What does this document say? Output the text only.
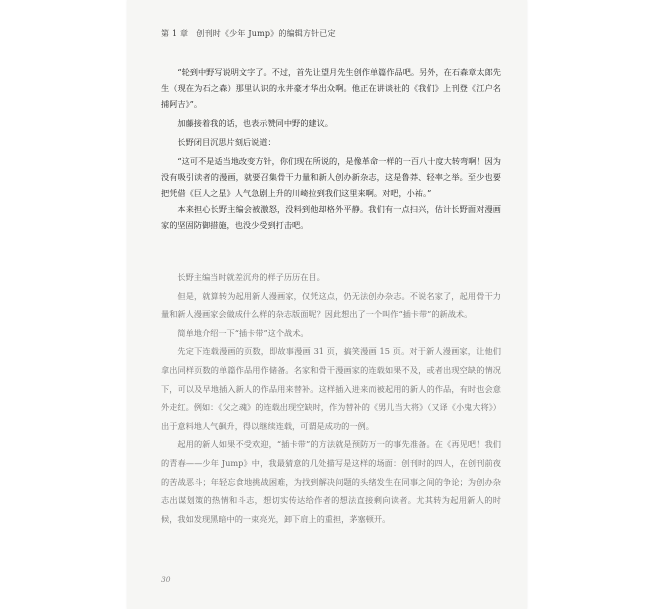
第 1 章　创刊时《少年 Jump》的编辑方针已定

“轮到中野写说明文字了。不过，首先让望月先生创作单篇作品吧。另外，在石森章太郎先生（现在为石之森）那里认识的永井豪才华出众啊。他正在讲谈社的《我们》上刊登《江户名捕阿吉》”。

加藤接着我的话，也表示赞同中野的建议。

长野闭目沉思片刻后说道：

“这可不是适当地改变方针，你们现在所说的，是像革命一样的一百八十度大转弯啊！因为没有吸引读者的漫画，就要召集骨干力量和新人创办新杂志，这是鲁莽、轻率之举。至少也要把凭借《巨人之星》人气急剧上升的川崎拉到我们这里来啊。对吧，小祐。”

本来担心长野主编会被激怒，没料到他却格外平静。我们有一点扫兴，估计长野面对漫画家的坚固防御措施，也没少受到打击吧。

长野主编当时就差沉舟的样子历历在目。

但是，就算转为起用新人漫画家，仅凭这点，仍无法创办杂志。不说名家了，起用骨干力量和新人漫画家会做成什么样的杂志版面呢？因此想出了一个叫作“插卡带”的新战术。

简单地介绍一下“插卡带”这个战术。

先定下连载漫画的页数，即故事漫画 31 页，搞笑漫画 15 页。对于新人漫画家，让他们拿出同样页数的单篇作品用作储备。名家和骨干漫画家的连载如果不及，或者出现空缺的情况下，可以及早地插入新人的作品用来替补。这样插入进来而被起用的新人的作品，有时也会意外走红。例如：《父之魂》的连载出现空缺时，作为替补的《男儿当大将》（又译《小鬼大将》）出于意料地人气飙升，得以继续连载，可谓是成功的一例。

起用的新人如果不受欢迎，“插卡带”的方法就是预防万一的事先准备。在《再见吧！我们的青春——少年 Jump》中，我最猜意的几处描写是这样的场面：创刊时的四人，在创刊前夜的苦战恶斗；年轻忘食地挑战困难，为找到解决问题的头绪发生在同事之间的争论；为创办杂志出谋划策的热情和斗志，想切实传达给作者的想法直接剩向读者。尤其转为起用新人的时候，我如发现黑暗中的一束亮光，卸下肩上的重担，茅塞顿开。

30
